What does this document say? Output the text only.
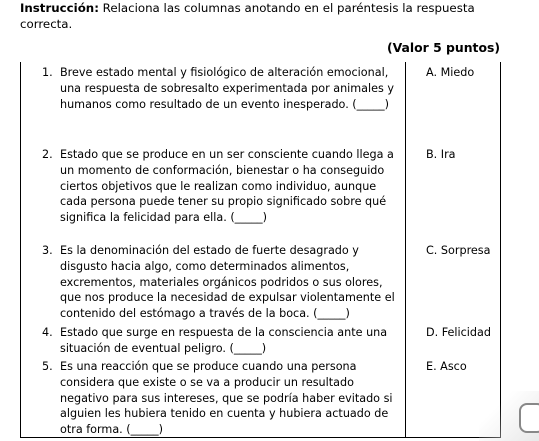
Instrucción: Relaciona las columnas anotando en el paréntesis la respuesta correcta.
(Valor 5 puntos)
1. Breve estado mental y fisiológico de alteración emocional, una respuesta de sobresalto experimentada por animales y humanos como resultado de un evento inesperado. (_____)
2. Estado que se produce en un ser consciente cuando llega a un momento de conformación, bienestar o ha conseguido ciertos objetivos que le realizan como individuo, aunque cada persona puede tener su propio significado sobre qué significa la felicidad para ella. (_____)
3. Es la denominación del estado de fuerte desagrado y disgusto hacia algo, como determinados alimentos, excrementos, materiales orgánicos podridos o sus olores, que nos produce la necesidad de expulsar violentamente el contenido del estómago a través de la boca. (_____)
4. Estado que surge en respuesta de la consciencia ante una situación de eventual peligro. (_____)
5. Es una reacción que se produce cuando una persona considera que existe o se va a producir un resultado negativo para sus intereses, que se podría haber evitado si alguien les hubiera tenido en cuenta y hubiera actuado de otra forma. (_____)
A. Miedo
B. Ira
C. Sorpresa
D. Felicidad
E. Asco
